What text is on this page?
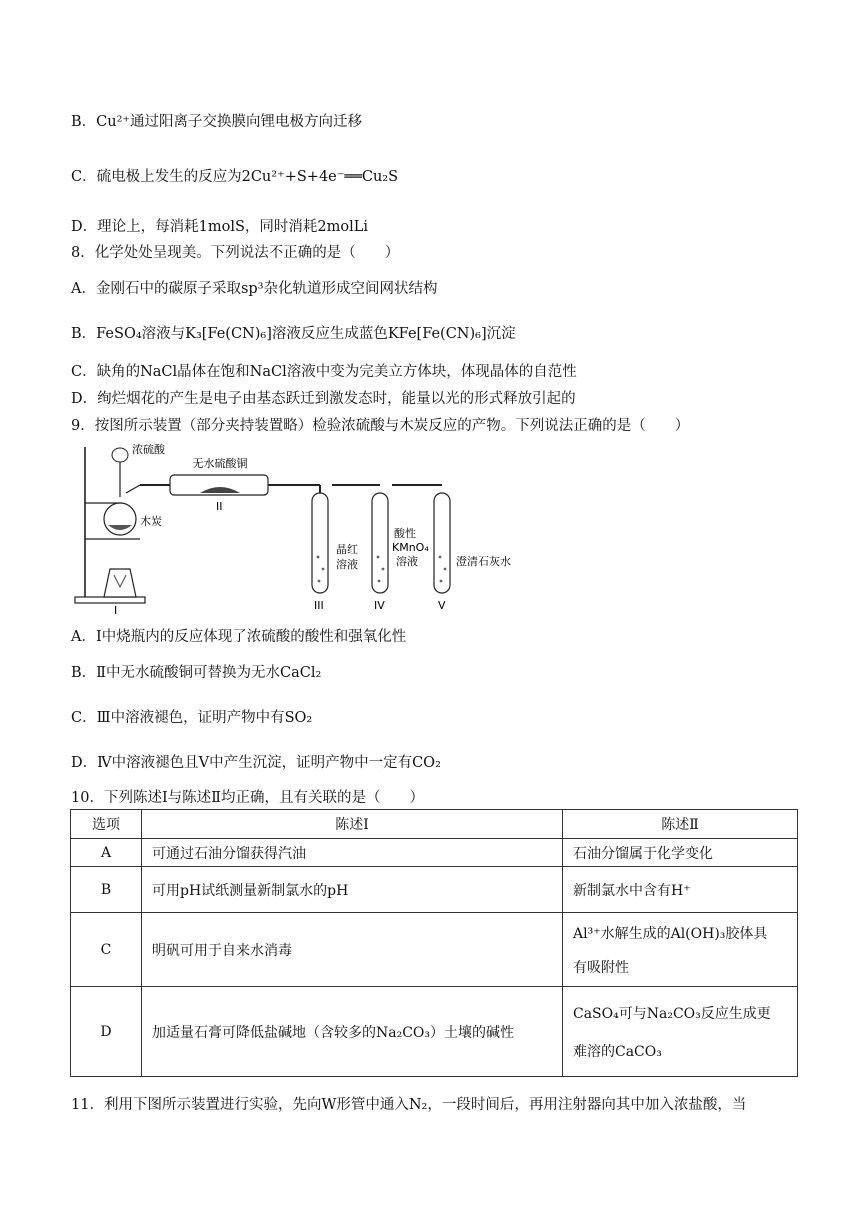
B．Cu²⁺通过阳离子交换膜向锂电极方向迁移
C．硫电极上发生的反应为2Cu²⁺+S+4e⁻══Cu₂S
D．理论上，每消耗1molS，同时消耗2molLi
8．化学处处呈现美。下列说法不正确的是（　　）
A．金刚石中的碳原子采取sp³杂化轨道形成空间网状结构
B．FeSO₄溶液与K₃[Fe(CN)₆]溶液反应生成蓝色KFe[Fe(CN)₆]沉淀
C．缺角的NaCl晶体在饱和NaCl溶液中变为完美立方体块，体现晶体的自范性
D．绚烂烟花的产生是电子由基态跃迁到激发态时，能量以光的形式释放引起的
9．按图所示装置（部分夹持装置略）检验浓硫酸与木炭反应的产物。下列说法正确的是（　　）
浓硫酸
无水硫酸铜
木炭
晶红
溶液
酸性
KMnO₄
溶液	澄清石灰水
I
II
III	IV	V
A．Ⅰ中烧瓶内的反应体现了浓硫酸的酸性和强氧化性
B．Ⅱ中无水硫酸铜可替换为无水CaCl₂
C．Ⅲ中溶液褪色，证明产物中有SO₂
D．Ⅳ中溶液褪色且Ⅴ中产生沉淀，证明产物中一定有CO₂
10．下列陈述Ⅰ与陈述Ⅱ均正确，且有关联的是（　　）
选项	陈述Ⅰ	陈述Ⅱ
A	可通过石油分馏获得汽油	石油分馏属于化学变化
B	可用pH试纸测量新制氯水的pH	新制氯水中含有H⁺
C	明矾可用于自来水消毒	Al³⁺水解生成的Al(OH)₃胶体具
有吸附性

D	加适量石膏可降低盐碱地（含较多的Na₂CO₃）土壤的碱性	CaSO₄可与Na₂CO₃反应生成更
难溶的CaCO₃
11．利用下图所示装置进行实验，先向W形管中通入N₂，一段时间后，再用注射器向其中加入浓盐酸，当
